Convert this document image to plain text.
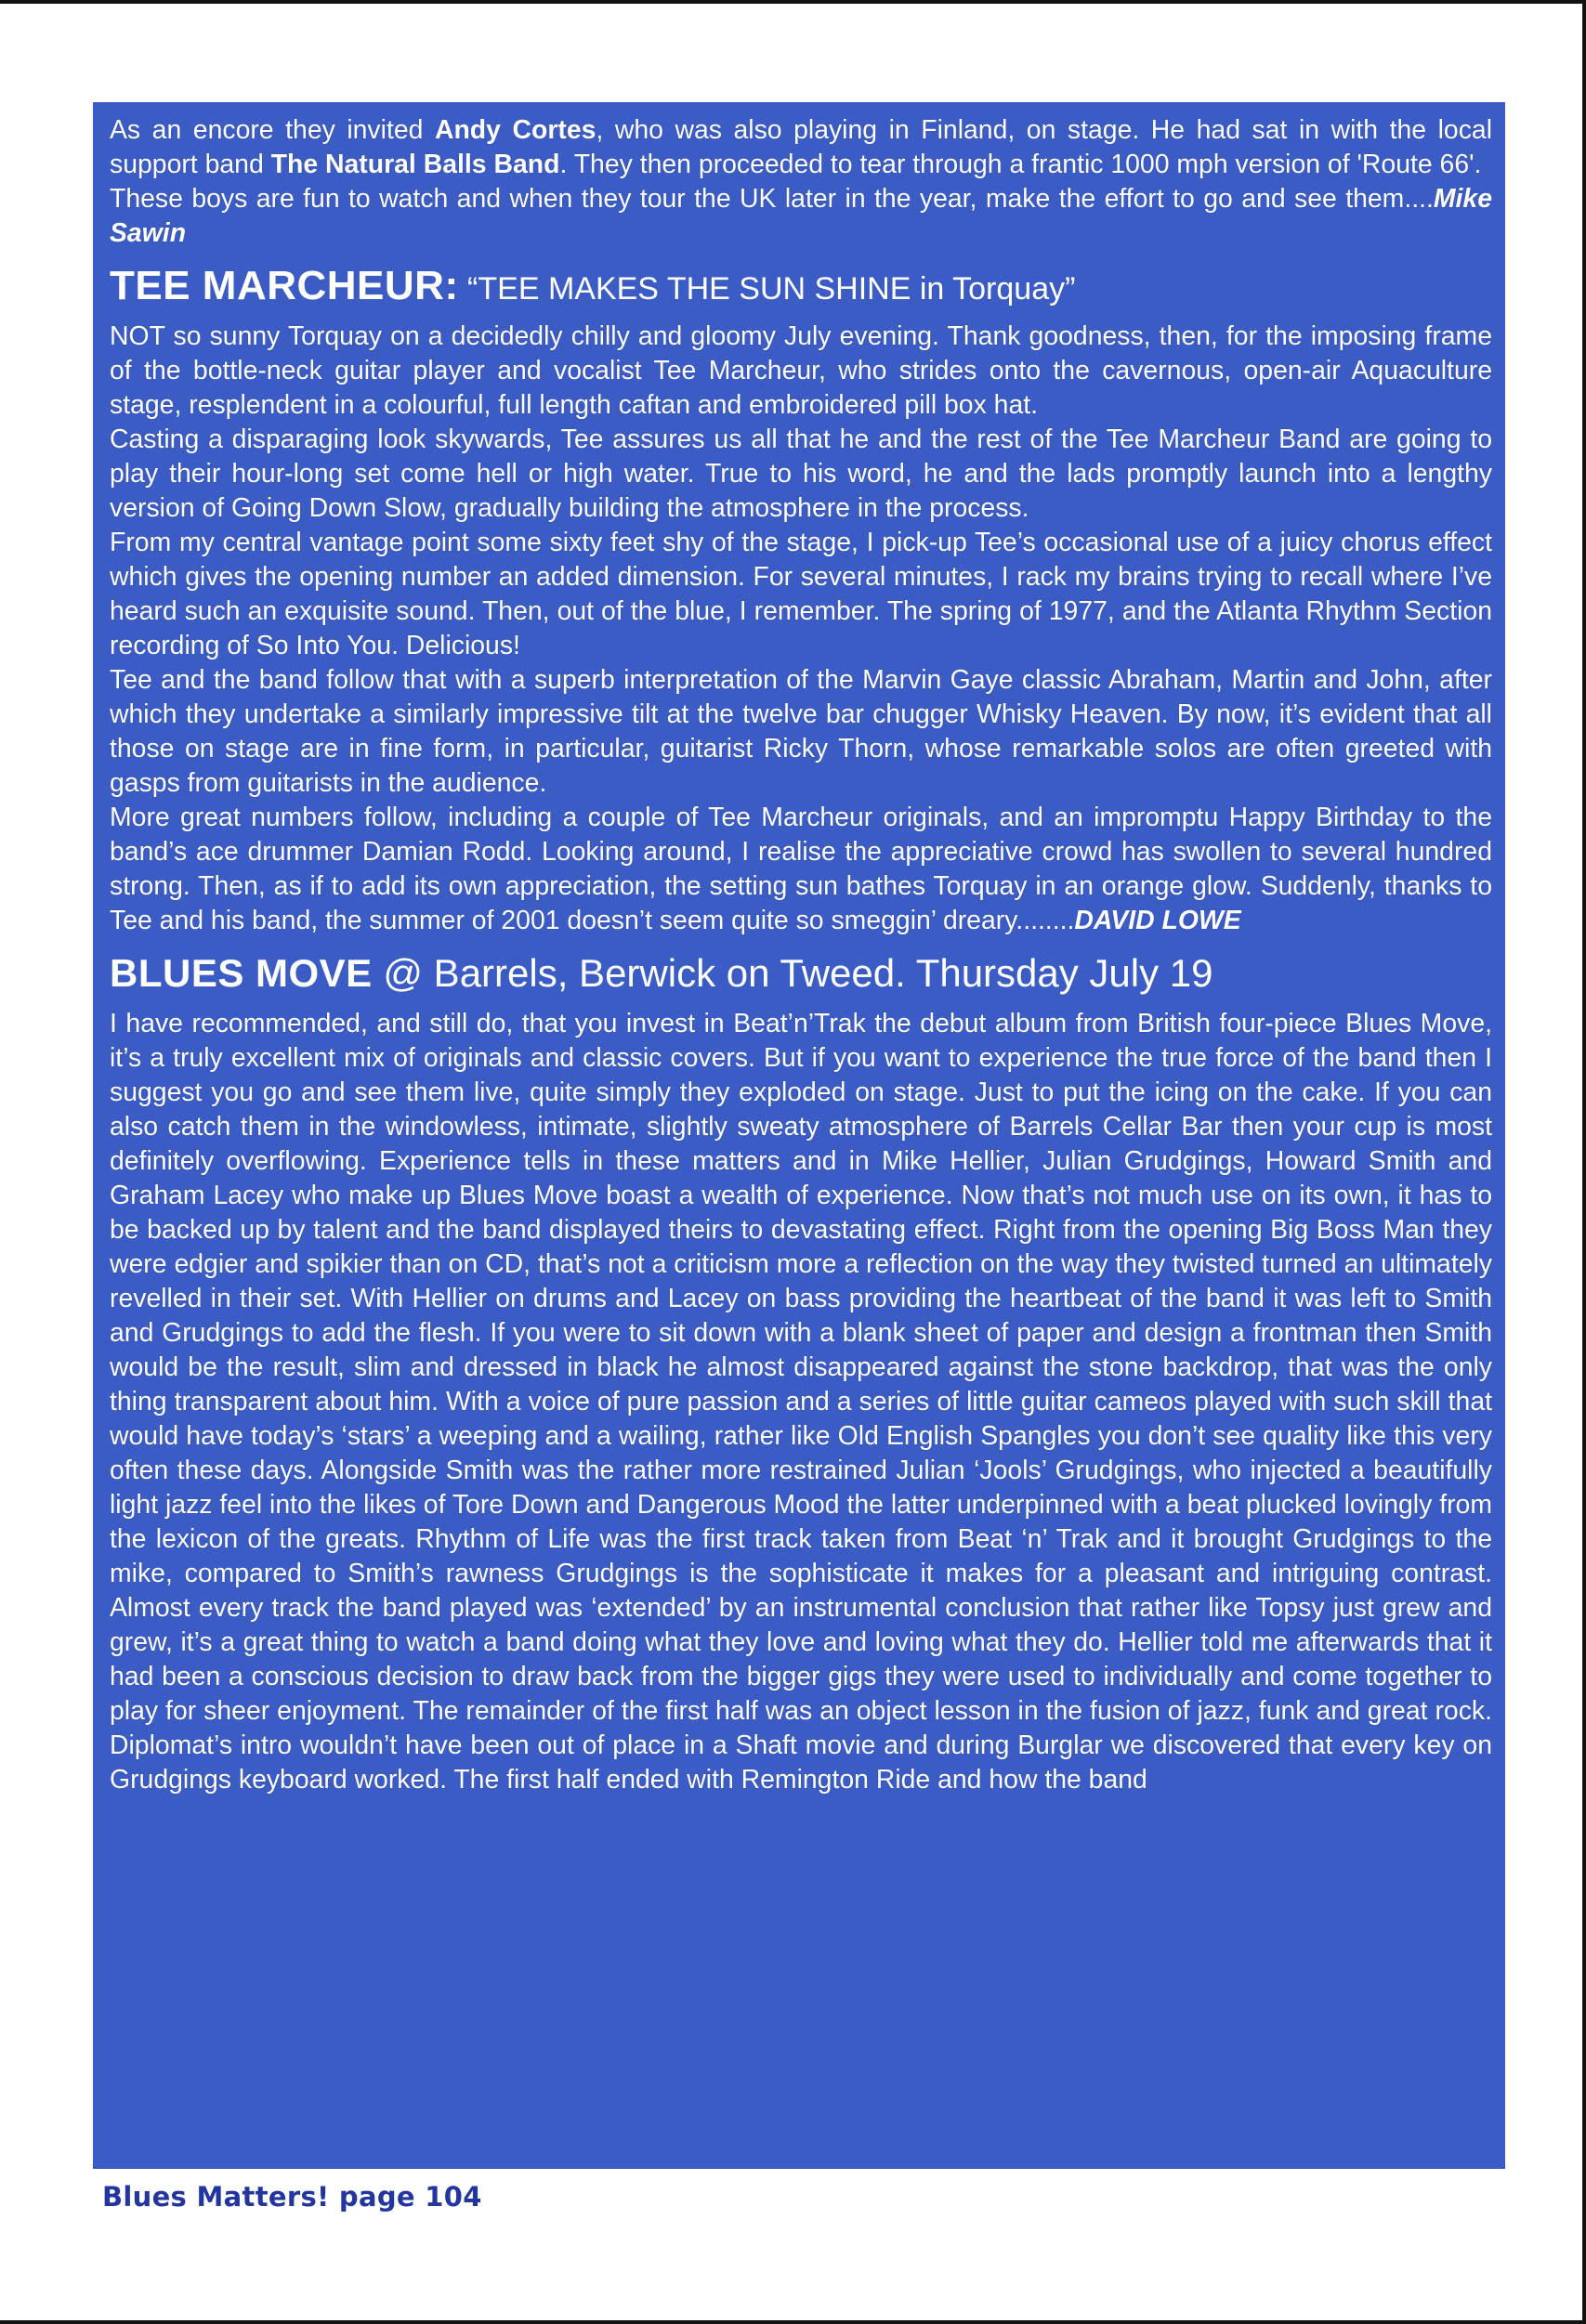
As an encore they invited Andy Cortes, who was also playing in Finland, on stage. He had sat in with the local support band The Natural Balls Band. They then proceeded to tear through a frantic 1000 mph version of 'Route 66'.

These boys are fun to watch and when they tour the UK later in the year, make the effort to go and see them....Mike Sawin

TEE MARCHEUR: “TEE MAKES THE SUN SHINE in Torquay”

NOT so sunny Torquay on a decidedly chilly and gloomy July evening. Thank goodness, then, for the imposing frame of the bottle-neck guitar player and vocalist Tee Marcheur, who strides onto the cavernous, open-air Aquaculture stage, resplendent in a colourful, full length caftan and embroidered pill box hat.

Casting a disparaging look skywards, Tee assures us all that he and the rest of the Tee Marcheur Band are going to play their hour-long set come hell or high water. True to his word, he and the lads promptly launch into a lengthy version of Going Down Slow, gradually building the atmosphere in the process.

From my central vantage point some sixty feet shy of the stage, I pick-up Tee’s occasional use of a juicy chorus effect which gives the opening number an added dimension. For several minutes, I rack my brains trying to recall where I’ve heard such an exquisite sound. Then, out of the blue, I remember. The spring of 1977, and the Atlanta Rhythm Section recording of So Into You. Delicious!

Tee and the band follow that with a superb interpretation of the Marvin Gaye classic Abraham, Martin and John, after which they undertake a similarly impressive tilt at the twelve bar chugger Whisky Heaven. By now, it’s evident that all those on stage are in fine form, in particular, guitarist Ricky Thorn, whose remarkable solos are often greeted with gasps from guitarists in the audience.

More great numbers follow, including a couple of Tee Marcheur originals, and an impromptu Happy Birthday to the band’s ace drummer Damian Rodd. Looking around, I realise the appreciative crowd has swollen to several hundred strong. Then, as if to add its own appreciation, the setting sun bathes Torquay in an orange glow. Suddenly, thanks to Tee and his band, the summer of 2001 doesn’t seem quite so smeggin’ dreary........DAVID LOWE

BLUES MOVE @ Barrels, Berwick on Tweed. Thursday July 19

I have recommended, and still do, that you invest in Beat’n’Trak the debut album from British four-piece Blues Move, it’s a truly excellent mix of originals and classic covers. But if you want to experience the true force of the band then I suggest you go and see them live, quite simply they exploded on stage. Just to put the icing on the cake. If you can also catch them in the windowless, intimate, slightly sweaty atmosphere of Barrels Cellar Bar then your cup is most definitely overflowing. Experience tells in these matters and in Mike Hellier, Julian Grudgings, Howard Smith and Graham Lacey who make up Blues Move boast a wealth of experience. Now that’s not much use on its own, it has to be backed up by talent and the band displayed theirs to devastating effect. Right from the opening Big Boss Man they were edgier and spikier than on CD, that’s not a criticism more a reflection on the way they twisted turned an ultimately revelled in their set. With Hellier on drums and Lacey on bass providing the heartbeat of the band it was left to Smith and Grudgings to add the flesh. If you were to sit down with a blank sheet of paper and design a frontman then Smith would be the result, slim and dressed in black he almost disappeared against the stone backdrop, that was the only thing transparent about him. With a voice of pure passion and a series of little guitar cameos played with such skill that would have today’s ‘stars’ a weeping and a wailing, rather like Old English Spangles you don’t see quality like this very often these days. Alongside Smith was the rather more restrained Julian ‘Jools’ Grudgings, who injected a beautifully light jazz feel into the likes of Tore Down and Dangerous Mood the latter underpinned with a beat plucked lovingly from the lexicon of the greats. Rhythm of Life was the first track taken from Beat ‘n’ Trak and it brought Grudgings to the mike, compared to Smith’s rawness Grudgings is the sophisticate it makes for a pleasant and intriguing contrast. Almost every track the band played was ‘extended’ by an instrumental conclusion that rather like Topsy just grew and grew, it’s a great thing to watch a band doing what they love and loving what they do. Hellier told me afterwards that it had been a conscious decision to draw back from the bigger gigs they were used to individually and come together to play for sheer enjoyment. The remainder of the first half was an object lesson in the fusion of jazz, funk and great rock. Diplomat’s intro wouldn’t have been out of place in a Shaft movie and during Burglar we discovered that every key on Grudgings keyboard worked. The first half ended with Remington Ride and how the band

Blues Matters! page 104
